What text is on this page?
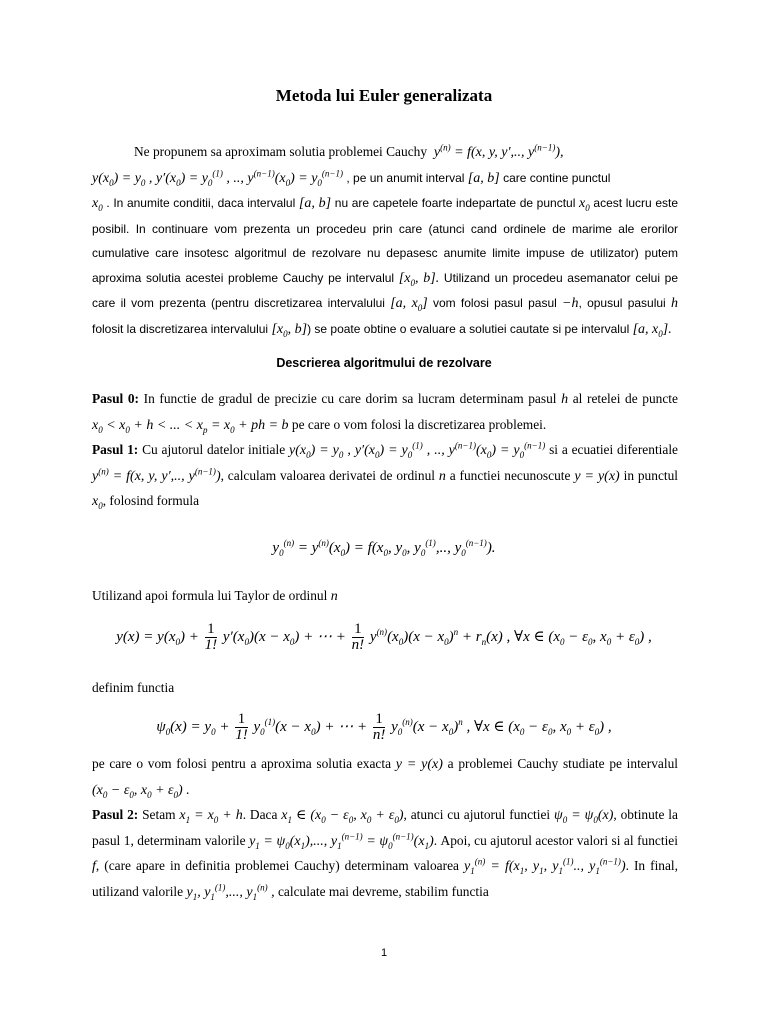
Metoda lui Euler generalizata
Ne propunem sa aproximam solutia problemei Cauchy  $y^{(n)} = f(x$, y, y′,.., $y^{(n-1)}$),
$y(x_0) = y_0$ , $y'(x_0) = y_0^{(1)}$ , .., $y^{(n-1)}(x_0) = y_0^{(n-1)}$ , pe un anumit interval [a, b] care contine punctul
$x_0$ . In anumite conditii, daca intervalul [a, b] nu are capetele foarte indepartate de punctul $x_0$ acest lucru este posibil. In continuare vom prezenta un procedeu prin care (atunci cand ordinele de marime ale erorilor cumulative care insotesc algoritmul de rezolvare nu depasesc anumite limite impuse de utilizator) putem aproxima solutia acestei probleme Cauchy pe intervalul [$x_0$, b]. Utilizand un procedeu asemanator celui pe care il vom prezenta (pentru discretizarea intervalului [a, $x_0$] vom folosi pasul pasul −h, opusul pasului h folosit la discretizarea intervalului [$x_0$, b]) se poate obtine o evaluare a solutiei cautate si pe intervalul [a, $x_0$].
Descrierea algoritmului de rezolvare
Pasul 0: In functie de gradul de precizie cu care dorim sa lucram determinam pasul h al retelei de puncte $x_0 < x_0 + h$ < ... < $x_p = x_0$ + ph = b pe care o vom folosi la discretizarea problemei.
Pasul 1: Cu ajutorul datelor initiale $y(x_0) = y_0$ , $y'(x_0) = y_0^{(1)}$ , .., $y^{(n-1)}(x_0) = y_0^{(n-1)}$ si a ecuatiei diferentiale $y^{(n)} = f(x$, y, y′,.., $y^{(n-1)}$), calculam valoarea derivatei de ordinul n a functiei necunoscute y = y(x) in punctul $x_0$, folosind formula
$y_0^{(n)} = y^{(n)}(x_0) = f(x_0$, $y_0$, $y_0^{(1)}$,.., $y_0^{(n-1)}$).
Utilizand apoi formula lui Taylor de ordinul n
$y(x) = y(x_0) + \frac{1}{1!} y'(x_0)(x - x_0)$ + ⋯ + $\frac{1}{n!} y^{(n)}(x_0)(x - x_0)^n + r_n(x)$ , ∀x ∈ ($x_0 - \varepsilon_0$, $x_0 + \varepsilon_0$) ,
definim functia
$\psi_0(x) = y_0 + \frac{1}{1!} y_0^{(1)}(x - x_0)$ + ⋯ + $\frac{1}{n!} y_0^{(n)}(x - x_0)^n$ , ∀x ∈ ($x_0 - \varepsilon_0$, $x_0 + \varepsilon_0$) ,
pe care o vom folosi pentru a aproxima solutia exacta y = y(x) a problemei Cauchy studiate pe intervalul ($x_0 - \varepsilon_0$, $x_0 + \varepsilon_0$) .
Pasul 2: Setam $x_1 = x_0 + h$. Daca $x_1$ ∈ ($x_0 - \varepsilon_0$, $x_0 + \varepsilon_0$), atunci cu ajutorul functiei $\psi_0 = \psi_0(x)$, obtinute la pasul 1, determinam valorile $y_1 = \psi_0(x_1)$,..., $y_1^{(n-1)} = \psi_0^{(n-1)}(x_1)$. Apoi, cu ajutorul acestor valori si al functiei f, (care apare in definitia problemei Cauchy) determinam valoarea $y_1^{(n)} = f(x_1$, $y_1$, $y_1^{(1)}$.., $y_1^{(n-1)}$). In final, utilizand valorile $y_1$, $y_1^{(1)}$,..., $y_1^{(n)}$ , calculate mai devreme, stabilim functia
1
